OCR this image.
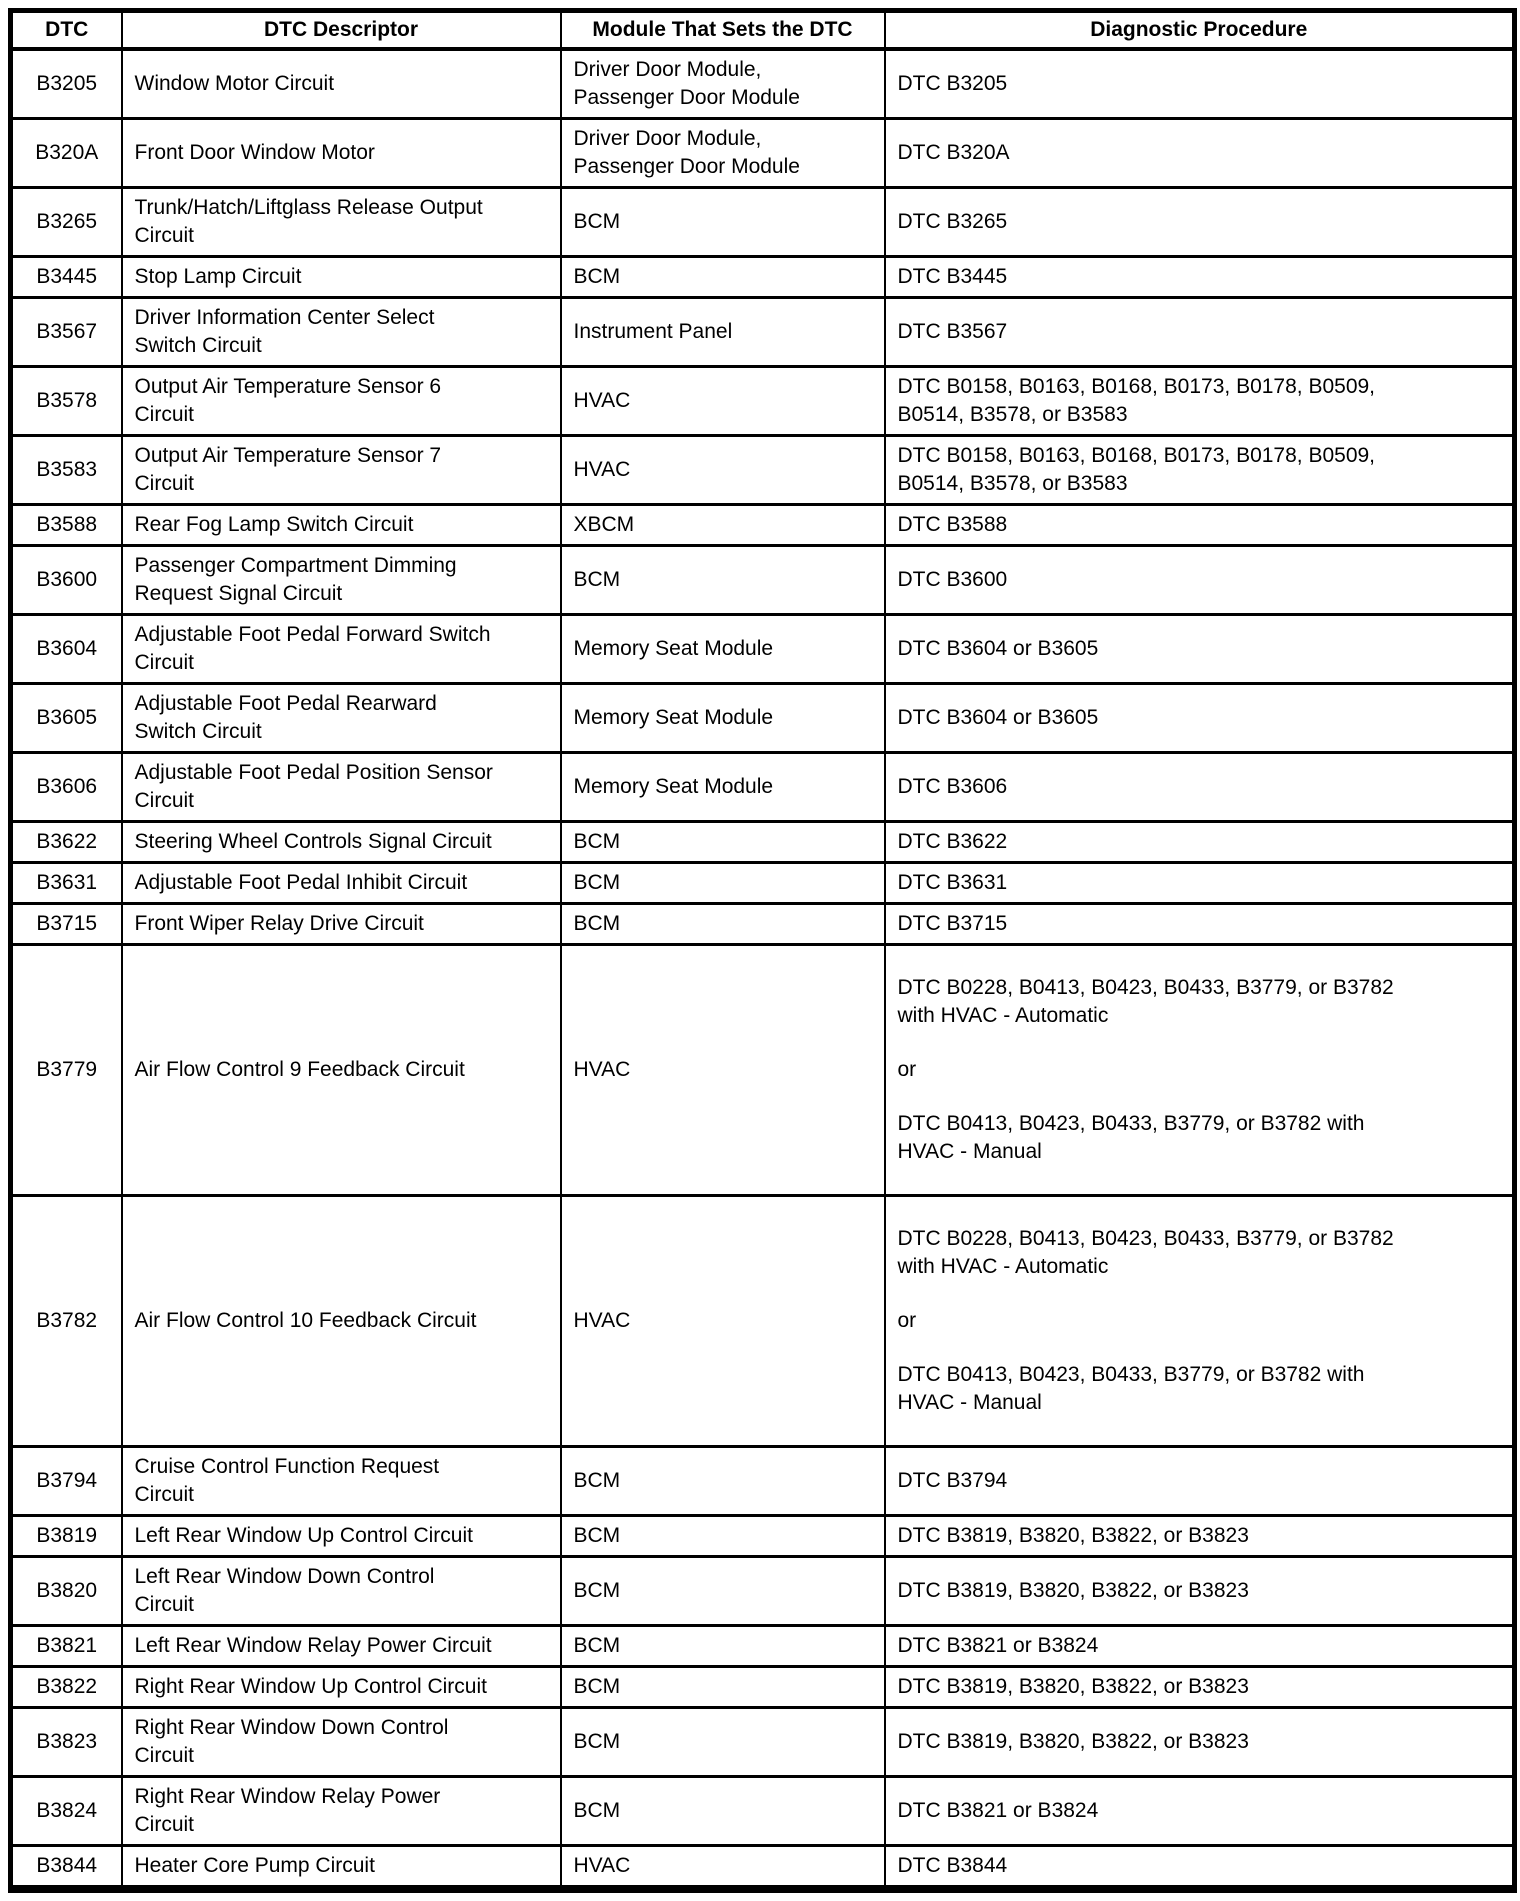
DTC	DTC Descriptor	Module That Sets the DTC	Diagnostic Procedure
B3205	Window Motor Circuit	Driver Door Module, Passenger Door Module	DTC B3205

B320A	Front Door Window Motor	Driver Door Module, Passenger Door Module	DTC B320A

B3265	Trunk/Hatch/Liftglass Release Output Circuit	BCM	DTC B3265

B3445	Stop Lamp Circuit	BCM	DTC B3445

B3567	Driver Information Center Select Switch Circuit	Instrument Panel	DTC B3567

B3578	Output Air Temperature Sensor 6 Circuit	HVAC	DTC B0158, B0163, B0168, B0173, B0178, B0509, B0514, B3578, or B3583

B3583	Output Air Temperature Sensor 7 Circuit	HVAC	DTC B0158, B0163, B0168, B0173, B0178, B0509, B0514, B3578, or B3583

B3588	Rear Fog Lamp Switch Circuit	XBCM	DTC B3588

B3600	Passenger Compartment Dimming Request Signal Circuit	BCM	DTC B3600

B3604	Adjustable Foot Pedal Forward Switch Circuit	Memory Seat Module	DTC B3604 or B3605

B3605	Adjustable Foot Pedal Rearward Switch Circuit	Memory Seat Module	DTC B3604 or B3605

B3606	Adjustable Foot Pedal Position Sensor Circuit	Memory Seat Module	DTC B3606

B3622	Steering Wheel Controls Signal Circuit	BCM	DTC B3622

B3631	Adjustable Foot Pedal Inhibit Circuit	BCM	DTC B3631

B3715	Front Wiper Relay Drive Circuit	BCM	DTC B3715

B3779	Air Flow Control 9 Feedback Circuit	HVAC	DTC B0228, B0413, B0423, B0433, B3779, or B3782 with HVAC - Automatic

or

DTC B0413, B0423, B0433, B3779, or B3782 with HVAC - Manual

B3782	Air Flow Control 10 Feedback Circuit	HVAC	DTC B0228, B0413, B0423, B0433, B3779, or B3782 with HVAC - Automatic

or

DTC B0413, B0423, B0433, B3779, or B3782 with HVAC - Manual

B3794	Cruise Control Function Request Circuit	BCM	DTC B3794

B3819	Left Rear Window Up Control Circuit	BCM	DTC B3819, B3820, B3822, or B3823

B3820	Left Rear Window Down Control Circuit	BCM	DTC B3819, B3820, B3822, or B3823

B3821	Left Rear Window Relay Power Circuit	BCM	DTC B3821 or B3824

B3822	Right Rear Window Up Control Circuit	BCM	DTC B3819, B3820, B3822, or B3823

B3823	Right Rear Window Down Control Circuit	BCM	DTC B3819, B3820, B3822, or B3823

B3824	Right Rear Window Relay Power Circuit	BCM	DTC B3821 or B3824

B3844	Heater Core Pump Circuit	HVAC	DTC B3844
